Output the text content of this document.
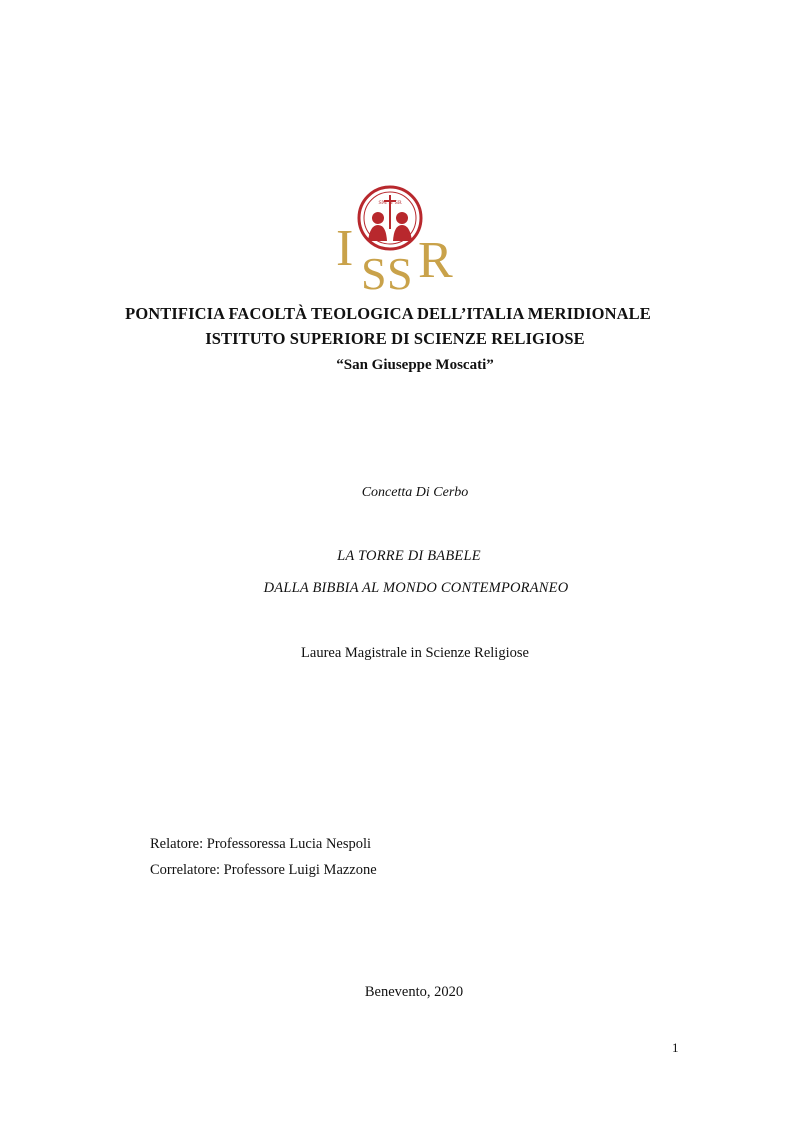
SM N SR
I S S R
PONTIFICIA FACOLTÀ TEOLOGICA DELL’ITALIA MERIDIONALE
ISTITUTO SUPERIORE DI SCIENZE RELIGIOSE
“San Giuseppe Moscati”
Concetta Di Cerbo
LA TORRE DI BABELE
DALLA BIBBIA AL MONDO CONTEMPORANEO
Laurea Magistrale in Scienze Religiose
Relatore: Professoressa Lucia Nespoli
Correlatore: Professore Luigi Mazzone
Benevento, 2020
1
